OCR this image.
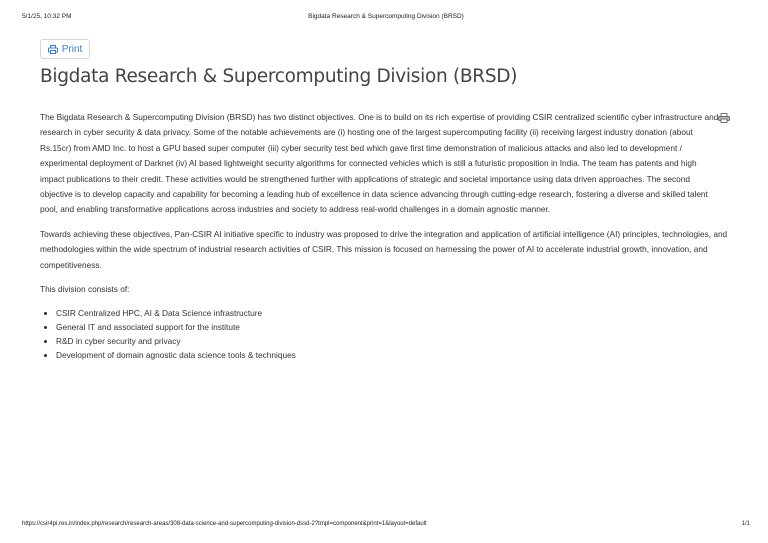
5/1/25, 10:32 PM	Bigdata Research & Supercomputing Division (BRSD)
Print
Bigdata Research & Supercomputing Division (BRSD)

The Bigdata Research & Supercomputing Division (BRSD) has two distinct objectives. One is to build on its rich expertise of providing CSIR centralized scientific cyber infrastructure and research in cyber security & data privacy. Some of the notable achievements are (i) hosting one of the largest supercomputing facility (ii) receiving largest industry donation (about Rs.15cr) from AMD Inc. to host a GPU based super computer (iii) cyber security test bed which gave first time demonstration of malicious attacks and also led to development / experimental deployment of Darknet (iv) AI based lightweight security algorithms for connected vehicles which is still a futuristic proposition in India. The team has patents and high impact publications to their credit. These activities would be strengthened further with applications of strategic and societal importance using data driven approaches. The second objective is to develop capacity and capability for becoming a leading hub of excellence in data science advancing through cutting-edge research, fostering a diverse and skilled talent pool, and enabling transformative applications across industries and society to address real-world challenges in a domain agnostic manner.

Towards achieving these objectives, Pan-CSIR AI initiative specific to industry was proposed to drive the integration and application of artificial intelligence (AI) principles, technologies, and methodologies within the wide spectrum of industrial research activities of CSIR. This mission is focused on harnessing the power of AI to accelerate industrial growth, innovation, and competitiveness.

This division consists of:

• CSIR Centralized HPC, AI & Data Science infrastructure
• General IT and associated support for the institute
• R&D in cyber security and privacy
• Development of domain agnostic data science tools & techniques
https://csir4pi.res.in/index.php/research/research-areas/308-data-science-and-supercomputing-division-dssd-2?tmpl=component&print=1&layout=default	1/1
